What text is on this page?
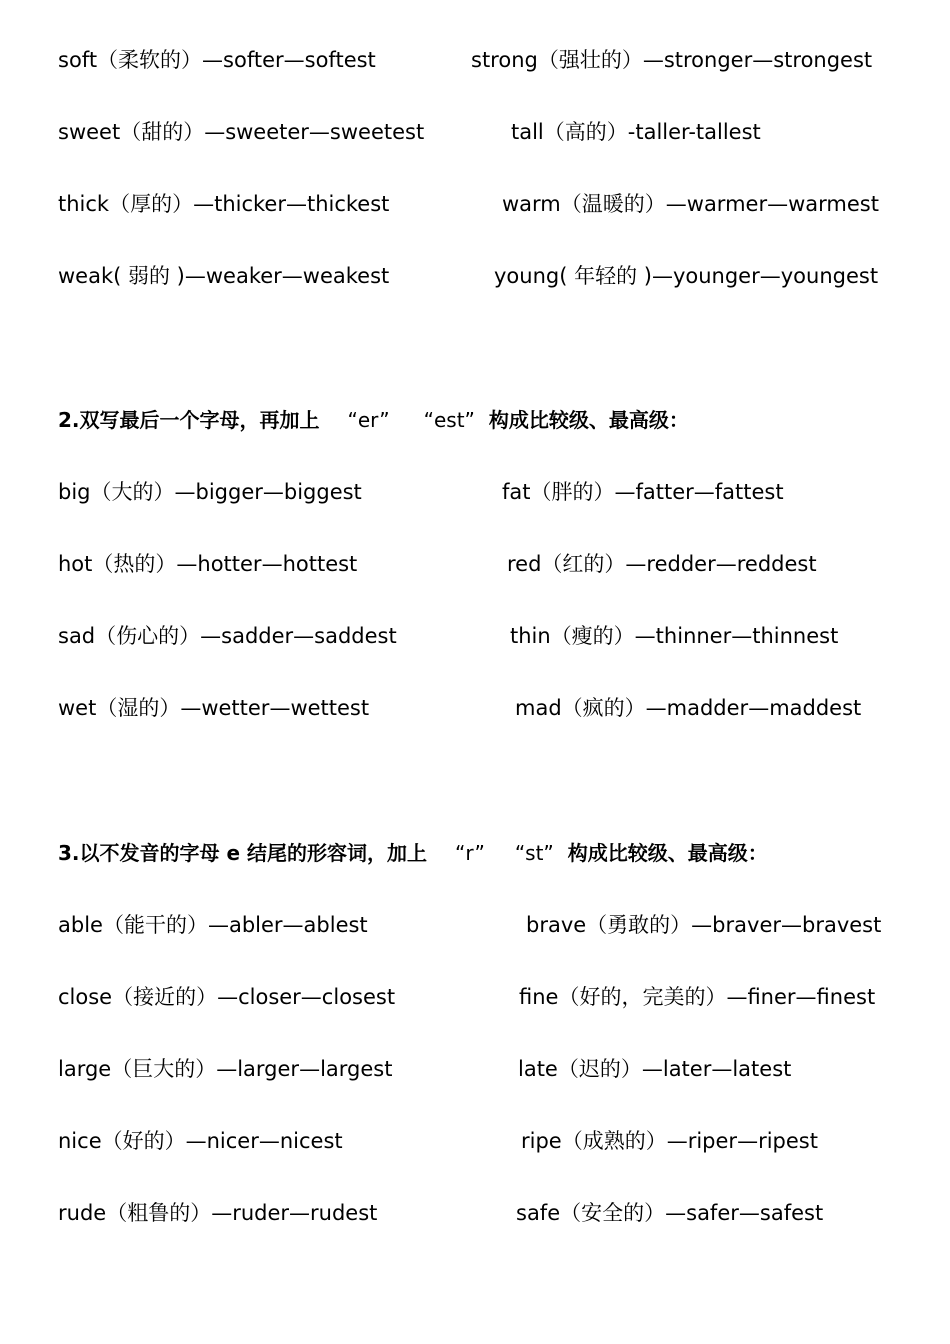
soft（柔软的）—softer—softest	strong（强壮的）—stronger—strongest
sweet（甜的）—sweeter—sweetest	tall（高的）-taller-tallest
thick（厚的）—thicker—thickest	warm（温暖的）—warmer—warmest
weak( 弱的 )—weaker—weakest	young( 年轻的 )—younger—youngest
2.双写最后一个字母，再加上 “er” “est” 构成比较级、最高级：
big（大的）—bigger—biggest	fat（胖的）—fatter—fattest
hot（热的）—hotter—hottest	red（红的）—redder—reddest
sad（伤心的）—sadder—saddest	thin（瘦的）—thinner—thinnest
wet（湿的）—wetter—wettest	mad（疯的）—madder—maddest
3.以不发音的字母 e 结尾的形容词，加上 “r” “st” 构成比较级、最高级：
able（能干的）—abler—ablest	brave（勇敢的）—braver—bravest
close（接近的）—closer—closest	fine（好的，完美的）—finer—finest
large（巨大的）—larger—largest	late（迟的）—later—latest
nice（好的）—nicer—nicest	ripe（成熟的）—riper—ripest
rude（粗鲁的）—ruder—rudest	safe（安全的）—safer—safest
